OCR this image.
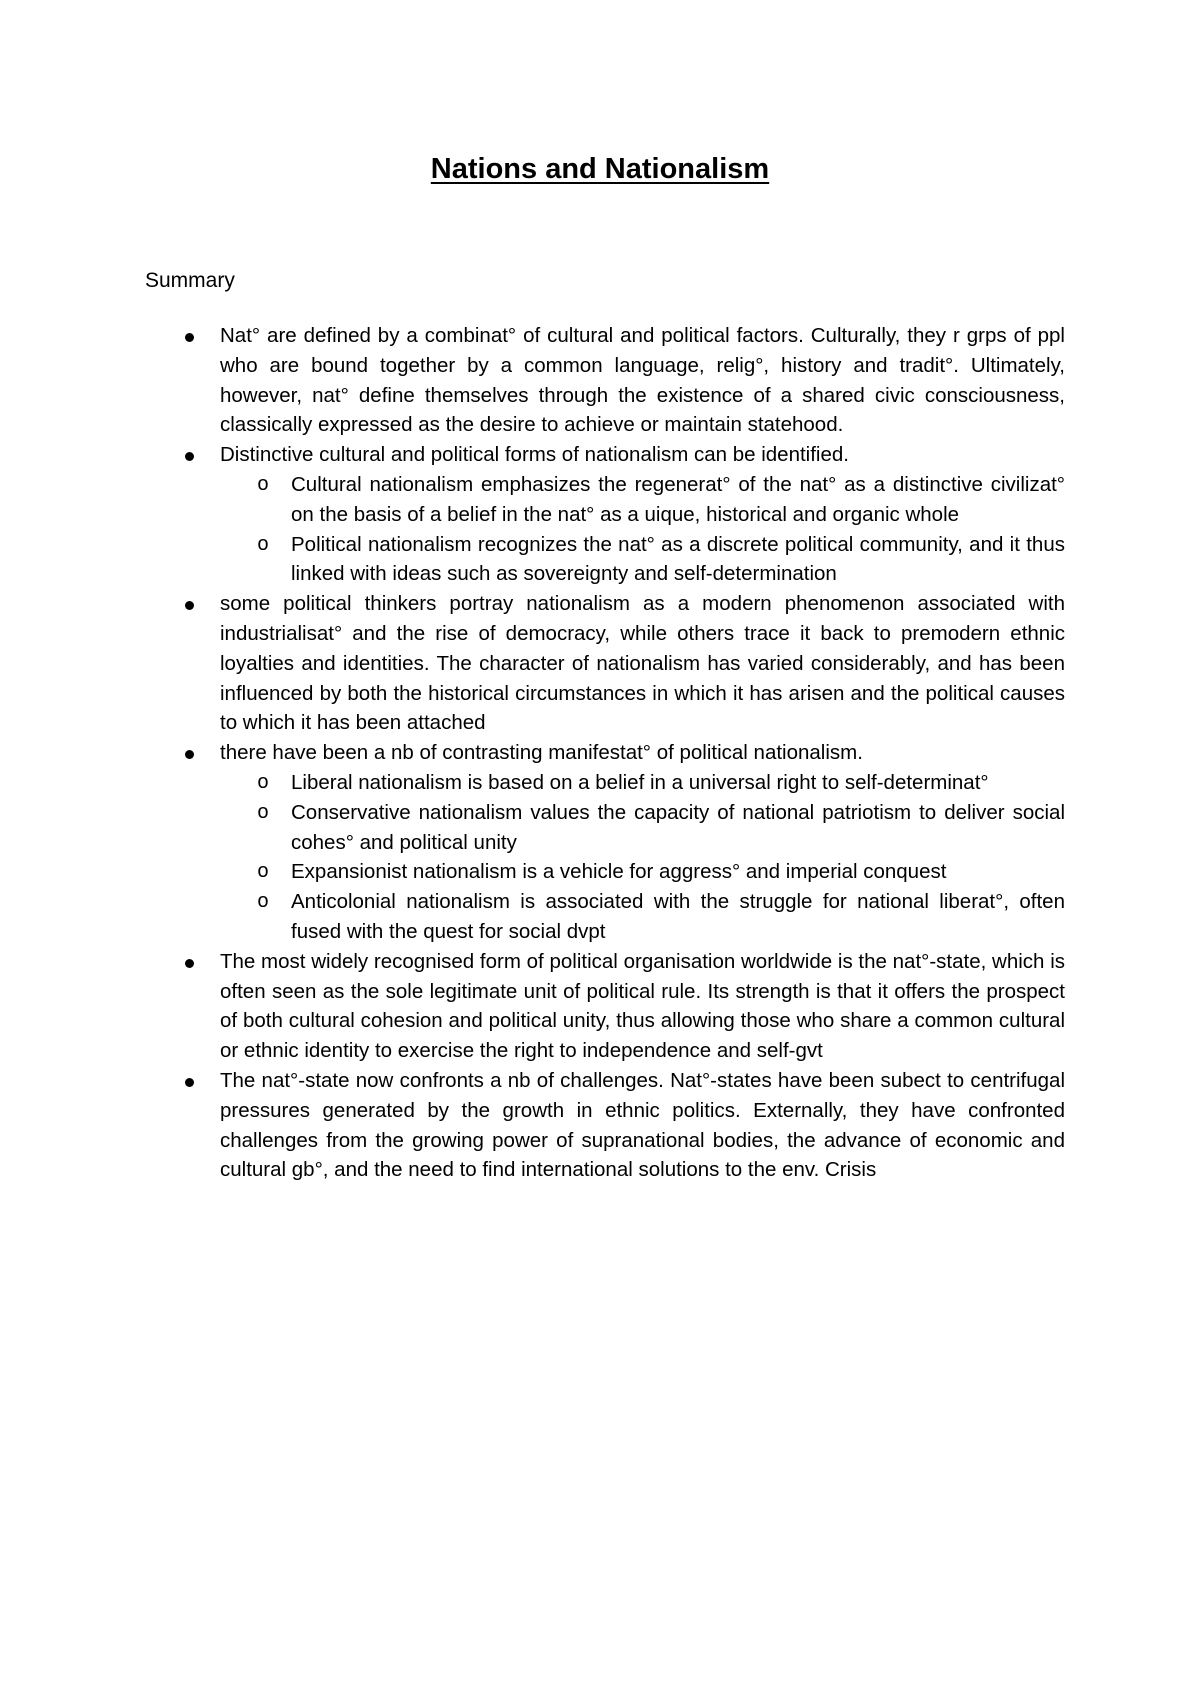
Nations and Nationalism
Summary
Nat° are defined by a combinat° of cultural and political factors. Culturally, they r grps of ppl who are bound together by a common language, relig°, history and tradit°. Ultimately, however, nat° define themselves through the existence of a shared civic consciousness, classically expressed as the desire to achieve or maintain statehood.
Distinctive cultural and political forms of nationalism can be identified.
o Cultural nationalism emphasizes the regenerat° of the nat° as a distinctive civilizat° on the basis of a belief in the nat° as a uique, historical and organic whole
o Political nationalism recognizes the nat° as a discrete political community, and it thus linked with ideas such as sovereignty and self-determination
some political thinkers portray nationalism as a modern phenomenon associated with industrialisat° and the rise of democracy, while others trace it back to premodern ethnic loyalties and identities. The character of nationalism has varied considerably, and has been influenced by both the historical circumstances in which it has arisen and the political causes to which it has been attached
there have been a nb of contrasting manifestat° of political nationalism.
o Liberal nationalism is based on a belief in a universal right to self-determinat°
o Conservative nationalism values the capacity of national patriotism to deliver social cohes° and political unity
o Expansionist nationalism is a vehicle for aggress° and imperial conquest
o Anticolonial nationalism is associated with the struggle for national liberat°, often fused with the quest for social dvpt
The most widely recognised form of political organisation worldwide is the nat°-state, which is often seen as the sole legitimate unit of political rule. Its strength is that it offers the prospect of both cultural cohesion and political unity, thus allowing those who share a common cultural or ethnic identity to exercise the right to independence and self-gvt
The nat°-state now confronts a nb of challenges. Nat°-states have been subect to centrifugal pressures generated by the growth in ethnic politics. Externally, they have confronted challenges from the growing power of supranational bodies, the advance of economic and cultural gb°, and the need to find international solutions to the env. Crisis
